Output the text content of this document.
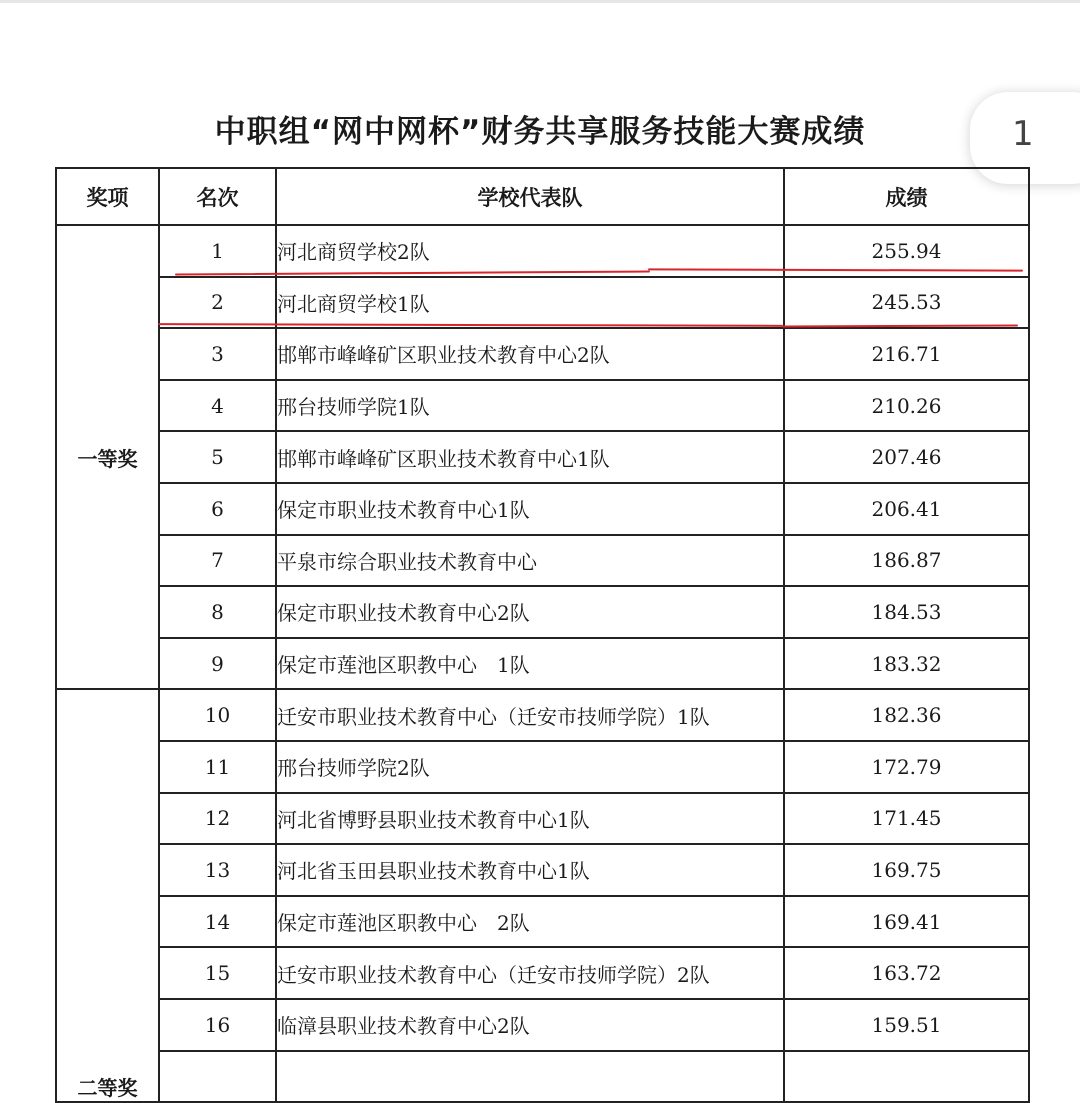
中职组“网中网杯”财务共享服务技能大赛成绩	1
奖项	名次	学校代表队	成绩
一等奖	1	河北商贸学校2队	255.94
	2	河北商贸学校1队	245.53
	3	邯郸市峰峰矿区职业技术教育中心2队	216.71
	4	邢台技师学院1队	210.26
	5	邯郸市峰峰矿区职业技术教育中心1队	207.46
	6	保定市职业技术教育中心1队	206.41
	7	平泉市综合职业技术教育中心	186.87
	8	保定市职业技术教育中心2队	184.53
	9	保定市莲池区职教中心　1队	183.32
二等奖	10	迁安市职业技术教育中心（迁安市技师学院）1队	182.36
	11	邢台技师学院2队	172.79
	12	河北省博野县职业技术教育中心1队	171.45
	13	河北省玉田县职业技术教育中心1队	169.75
	14	保定市莲池区职教中心　2队	169.41
	15	迁安市职业技术教育中心（迁安市技师学院）2队	163.72
	16	临漳县职业技术教育中心2队	159.51
